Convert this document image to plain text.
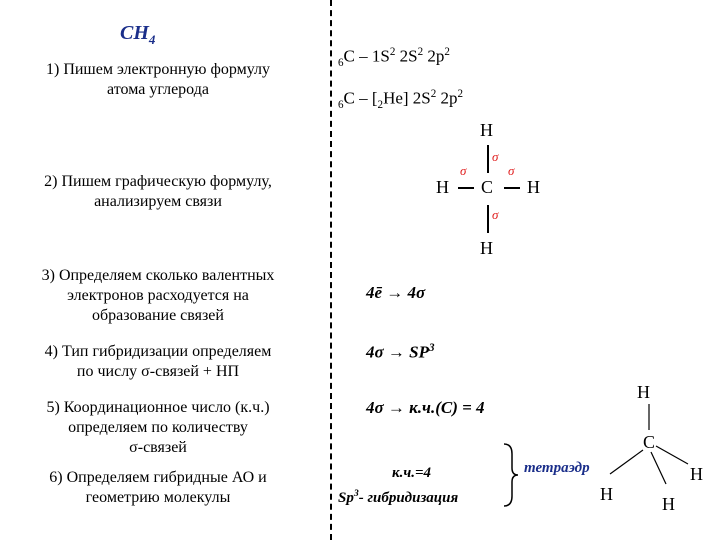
$CH_4$
1) Пишем электронную формулу
атома углерода
2) Пишем графическую формулу,
анализируем связи
3) Определяем сколько валентных
электронов расходуется на
образование связей
4) Тип гибридизации определяем
по числу σ-связей + НП
5) Координационное число (к.ч.)
определяем по количеству
σ-связей
6) Определяем гибридные АО и
геометрию молекулы
$_6C - 1S^2$ $2S^2$ $2p^2$
$_6C - [_2He]$ $2S^2$ $2p^2$
H
H C H
H
σ
σ	σ
σ
4ē → 4σ
$4\sigma \to SP^3$
4σ → к.ч.(C) = 4
к.ч.=4
Sp$^3$- гибридизация
тетраэдр
H
C
H	H
H
